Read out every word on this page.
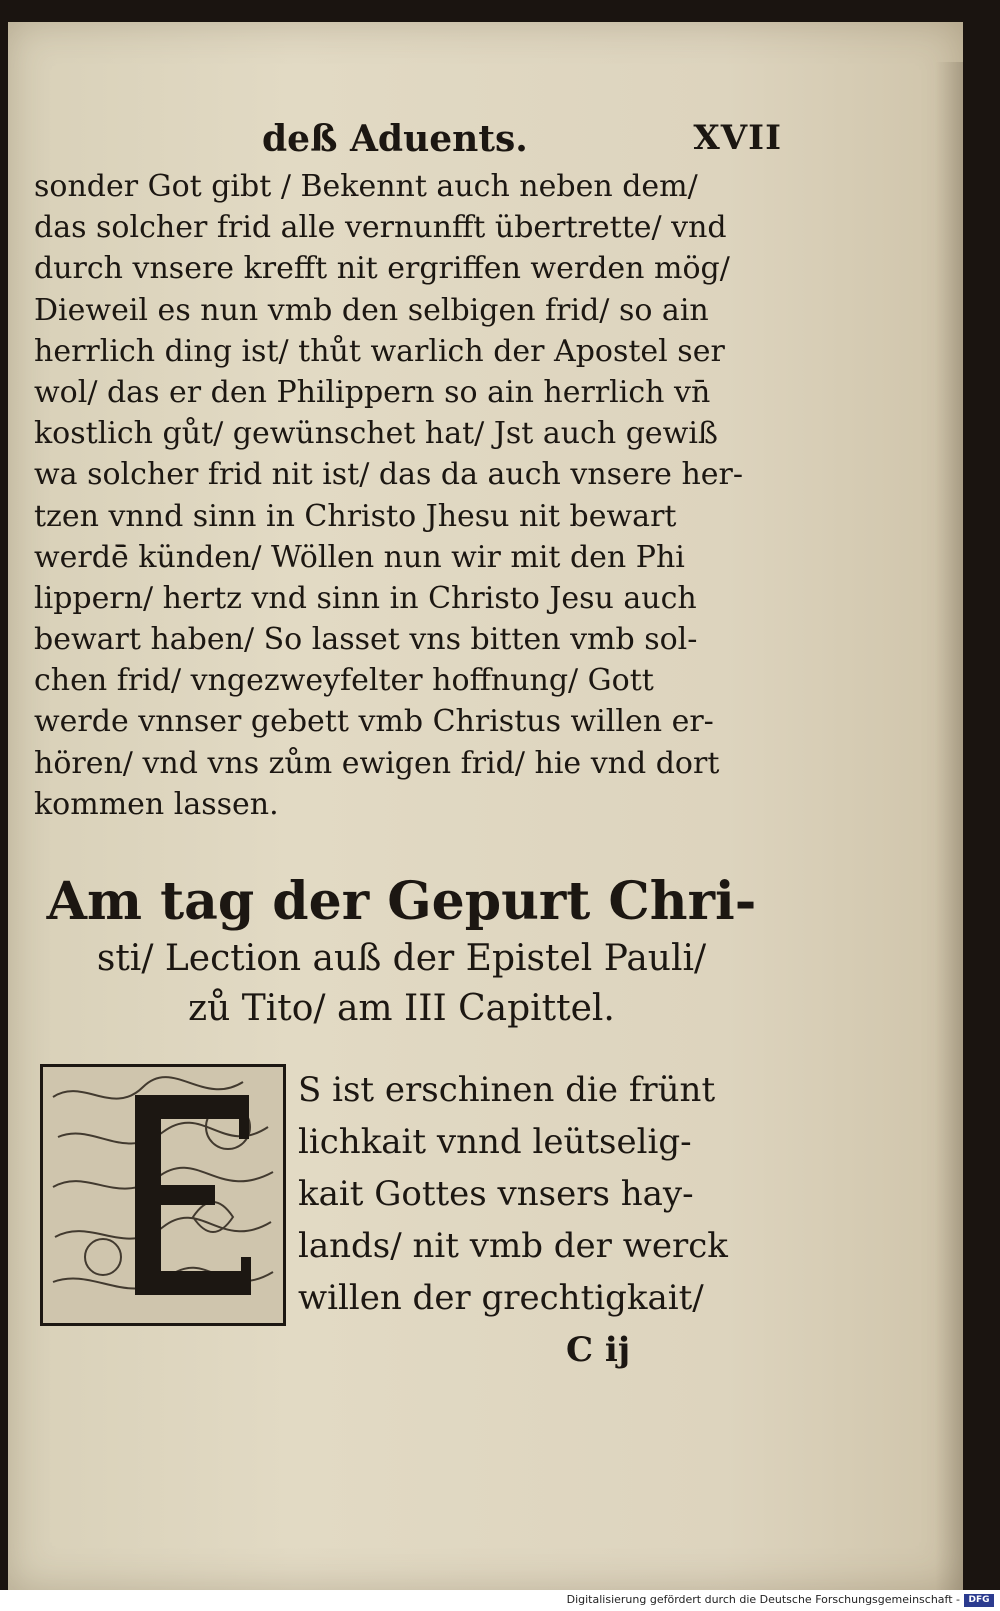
deß Aduents.	XVII
sonder Got gibt / Bekennt auch neben dem/
das solcher frid alle vernunfft übertrette/ vnd
durch vnsere krefft nit ergriffen werden mög/
Dieweil es nun vmb den selbigen frid/ so ain
herrlich ding ist/ thůt warlich der Apostel ser
wol/ das er den Philippern so ain herrlich vn̄
kostlich gůt/ gewünschet hat/ Jst auch gewiß
wa solcher frid nit ist/ das da auch vnsere her-
tzen vnnd sinn in Christo Jhesu nit bewart
werdē̄ künden/ Wöllen nun wir mit den Phi
lippern/ hertz vnd sinn in Christo Jesu auch
bewart haben/ So lasset vns bitten vmb sol-
chen frid/ vngezweyfelter hoffnung/ Gott
werde vnnser gebett vmb Christus willen er-
hören/ vnd vns zům ewigen frid/ hie vnd dort
kommen lassen.
Am tag der Gepurt Chri-
sti/ Lection auß der Epistel Pauli/
zů Tito/ am III Capittel.
S ist erschinen die frünt
lichkait vnnd leütselig-
kait Gottes vnsers hay-
lands/ nit vmb der werck
willen der grechtigkait/
C ij
Digitalisierung gefördert durch die Deutsche Forschungsgemeinschaft - DFG
